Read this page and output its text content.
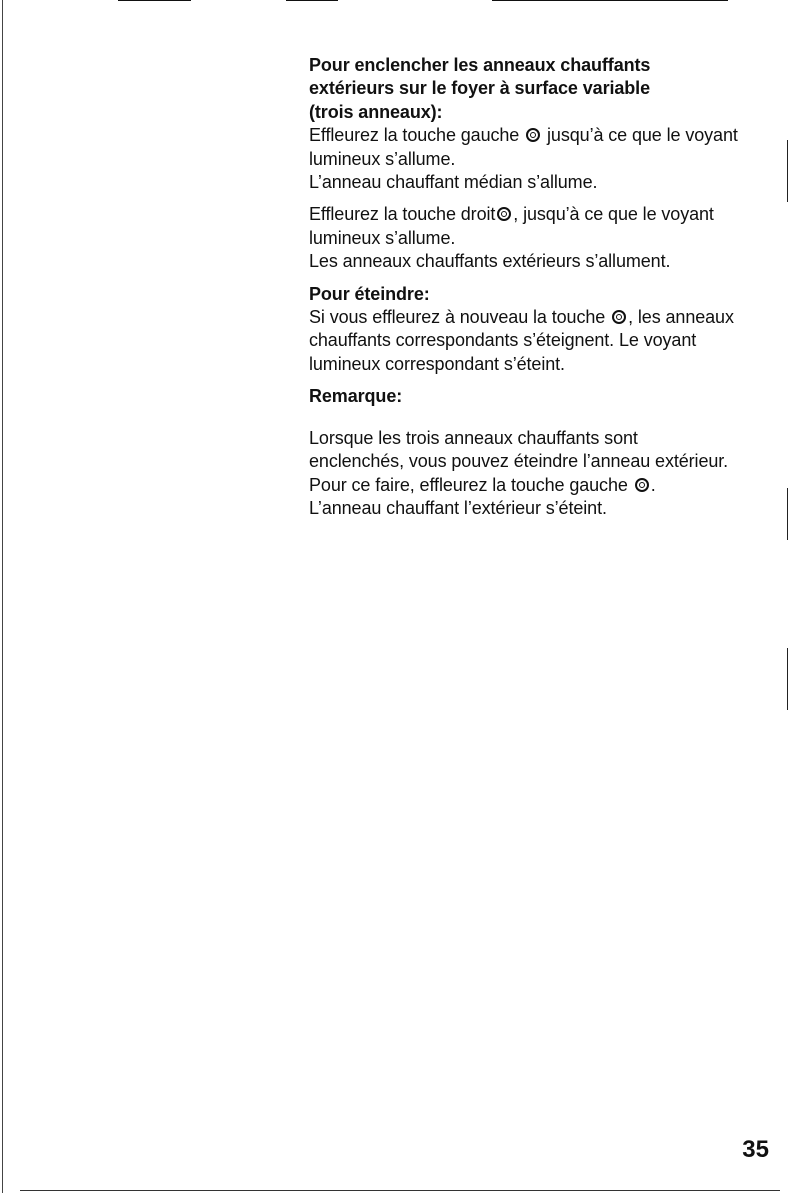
Pour enclencher les anneaux chauffants
extérieurs sur le foyer à surface variable
(trois anneaux):

Effleurez la touche gauche jusqu’à ce que le voyant
lumineux s’allume.

L’anneau chauffant médian s’allume.

Effleurez la touche droit , jusqu’à ce que le voyant
lumineux s’allume.

Les anneaux chauffants extérieurs s’allument.

Pour éteindre:

Si vous effleurez à nouveau la touche , les anneaux
chauffants correspondants s’éteignent. Le voyant
lumineux correspondant s’éteint.

Remarque:

Lorsque les trois anneaux chauffants sont
enclenchés, vous pouvez éteindre l’anneau extérieur.

Pour ce faire, effleurez la touche gauche .

L’anneau chauffant l’extérieur s’éteint.

35
